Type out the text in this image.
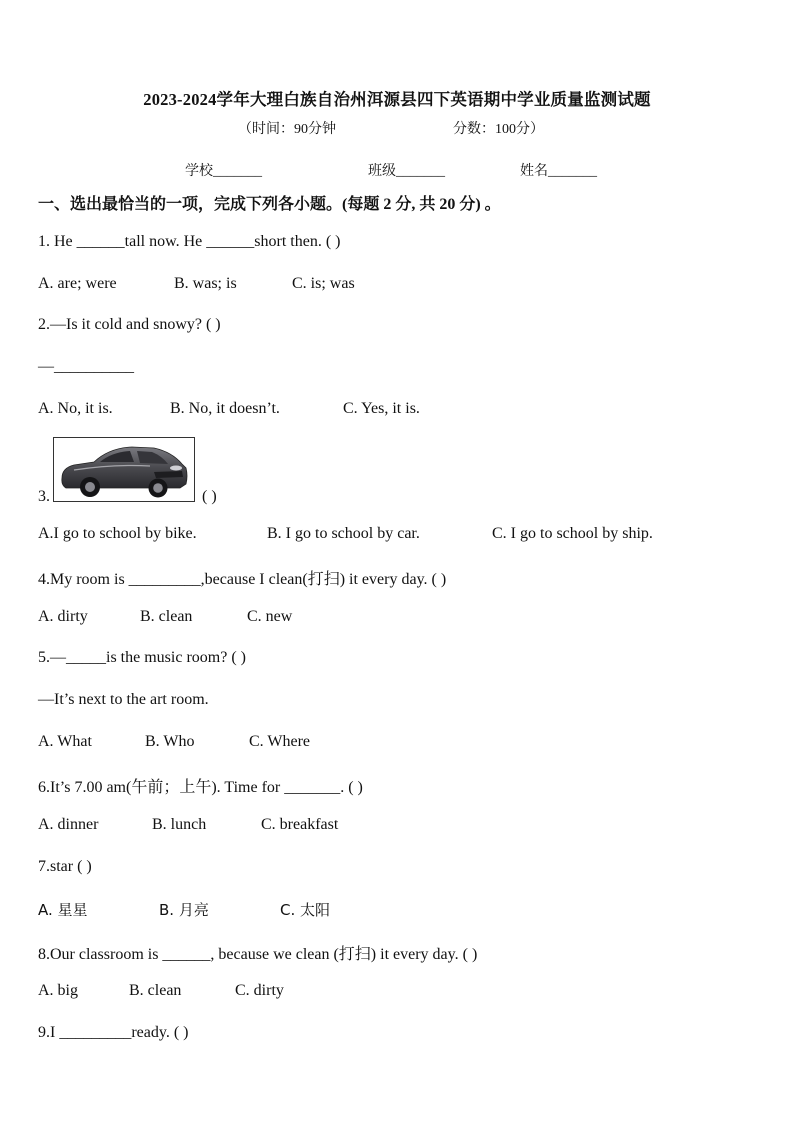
2023-2024学年大理白族自治州洱源县四下英语期中学业质量监测试题
（时间：90分钟	分数：100分）
学校_______	班级_______	姓名_______
一、选出最恰当的一项，完成下列各小题。(每题 2 分, 共 20 分) 。
1. He ______tall now. He ______short then. ( )
A. are; were	B. was; is	C. is; was
2.—Is it cold and snowy? ( )
—__________
A. No, it is.	B. No, it doesn’t.	C. Yes, it is.
3.	( )
A.I go to school by bike.	B. I go to school by car.	C. I go to school by ship.
4.My room is _________,because I clean(打扫) it every day. ( )
A. dirty	B. clean	C. new
5.—_____is the music room? ( )
—It’s next to the art room.
A. What	B. Who	C. Where
6.It’s 7.00 am(午前；上午). Time for _______. ( )
A. dinner	B. lunch	C. breakfast
7.star ( )
A. 星星	B. 月亮	C. 太阳
8.Our classroom is ______, because we clean (打扫) it every day. ( )
A. big	B. clean	C. dirty
9.I _________ready. ( )
